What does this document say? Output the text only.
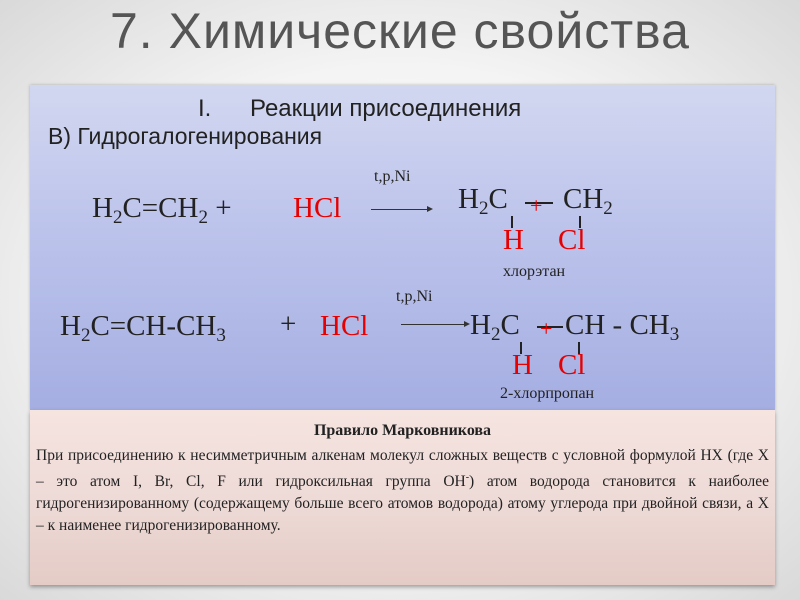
7. Химические свойства
I. Реакции присоединения
В) Гидрогалогенирования
$H_2C=CH_2$ + HCl
t,p,Ni
$H_2C + CH_2$
H Cl
хлорэтан
$H_2C=CH-CH_3$ + HCl
t,p,Ni
$H_2C$ + CH - $CH_3$
H Cl
2-хлорпропан
Правило Марковникова
При присоединению к несимметричным алкенам молекул сложных веществ с условной формулой НХ (где Х – это атом I, Br, Cl, F или гидроксильная группа OH-) атом водорода становится к наиболее гидрогенизированному (содержащему больше всего атомов водорода) атому углерода при двойной связи, а Х – к наименее гидрогенизированному.
